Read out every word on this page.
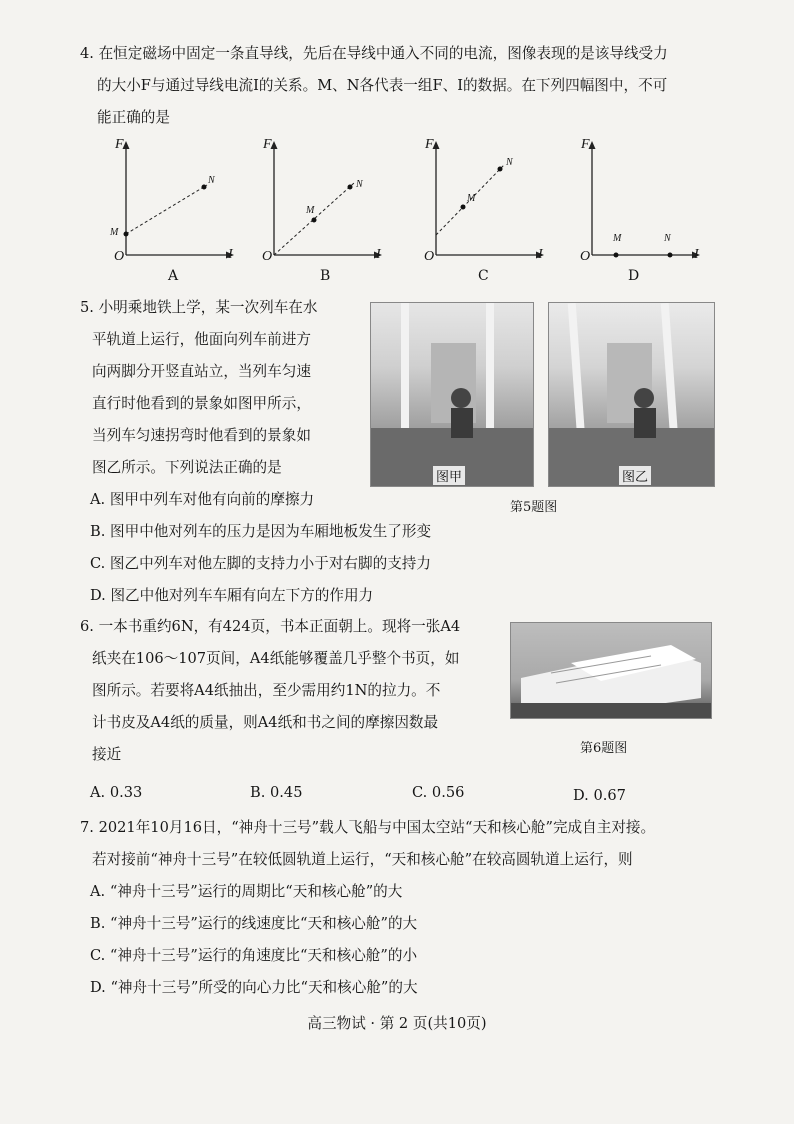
4. 在恒定磁场中固定一条直导线，先后在导线中通入不同的电流，图像表现的是该导线受力
的大小F与通过导线电流I的关系。M、N各代表一组F、I的数据。在下列四幅图中，不可
能正确的是
F
I
O
M
N
A
F
I
O
M
N
B
F
I
O
M
N
C
F
I
O
M	N
D
5. 小明乘地铁上学，某一次列车在水
平轨道上运行，他面向列车前进方
向两脚分开竖直站立，当列车匀速
直行时他看到的景象如图甲所示，
当列车匀速拐弯时他看到的景象如
图乙所示。下列说法正确的是
A. 图甲中列车对他有向前的摩擦力
B. 图甲中他对列车的压力是因为车厢地板发生了形变
C. 图乙中列车对他左脚的支持力小于对右脚的支持力
D. 图乙中他对列车车厢有向左下方的作用力
图甲	图乙
第5题图
6. 一本书重约6N，有424页，书本正面朝上。现将一张A4
纸夹在106～107页间，A4纸能够覆盖几乎整个书页，如
图所示。若要将A4纸抽出，至少需用约1N的拉力。不
计书皮及A4纸的质量，则A4纸和书之间的摩擦因数最
接近	第6题图
A. 0.33	B. 0.45	C. 0.56	D. 0.67
7. 2021年10月16日，“神舟十三号”载人飞船与中国太空站“天和核心舱”完成自主对接。
若对接前“神舟十三号”在较低圆轨道上运行，“天和核心舱”在较高圆轨道上运行，则
A. “神舟十三号”运行的周期比“天和核心舱”的大
B. “神舟十三号”运行的线速度比“天和核心舱”的大
C. “神舟十三号”运行的角速度比“天和核心舱”的小
D. “神舟十三号”所受的向心力比“天和核心舱”的大
高三物试 · 第 2 页(共10页)
